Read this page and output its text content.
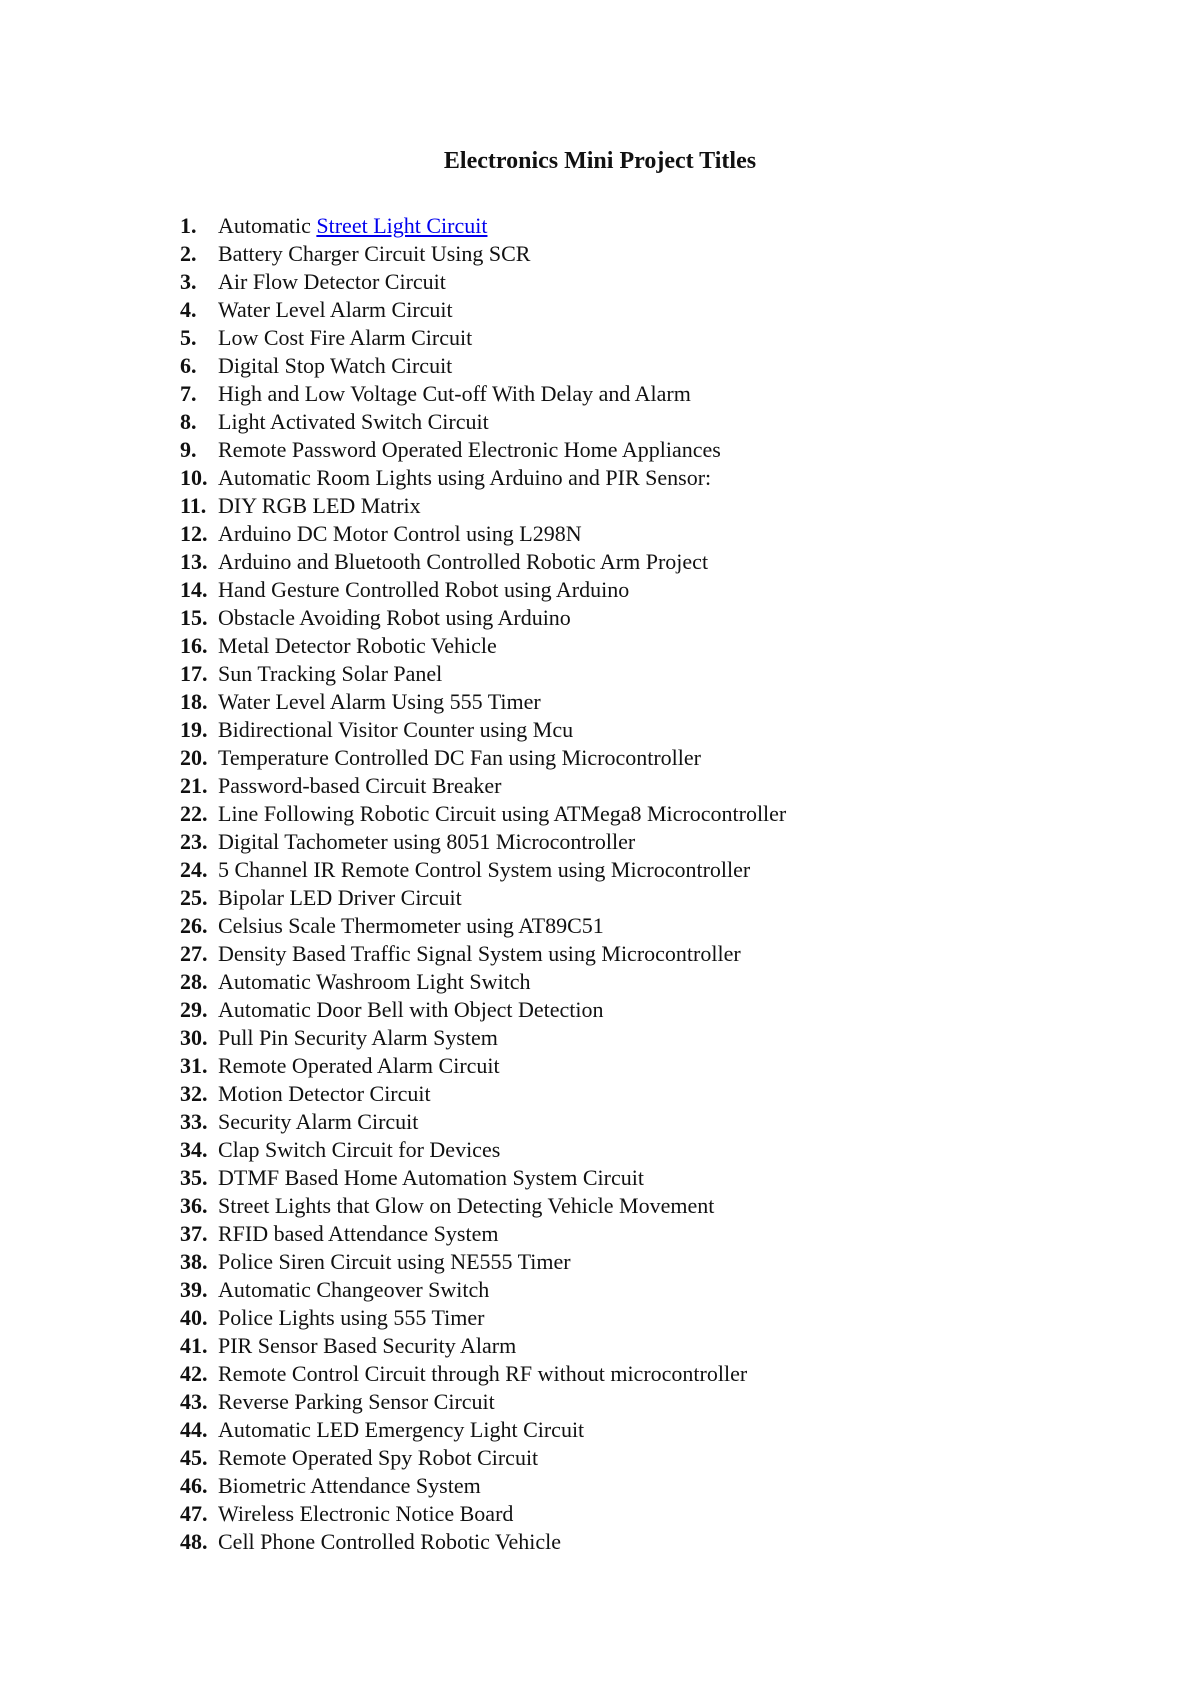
Electronics Mini Project Titles
1. Automatic Street Light Circuit
2. Battery Charger Circuit Using SCR
3. Air Flow Detector Circuit
4. Water Level Alarm Circuit
5. Low Cost Fire Alarm Circuit
6. Digital Stop Watch Circuit
7. High and Low Voltage Cut-off With Delay and Alarm
8. Light Activated Switch Circuit
9. Remote Password Operated Electronic Home Appliances
10. Automatic Room Lights using Arduino and PIR Sensor:
11. DIY RGB LED Matrix
12. Arduino DC Motor Control using L298N
13. Arduino and Bluetooth Controlled Robotic Arm Project
14. Hand Gesture Controlled Robot using Arduino
15. Obstacle Avoiding Robot using Arduino
16. Metal Detector Robotic Vehicle
17. Sun Tracking Solar Panel
18. Water Level Alarm Using 555 Timer
19. Bidirectional Visitor Counter using Mcu
20. Temperature Controlled DC Fan using Microcontroller
21. Password-based Circuit Breaker
22. Line Following Robotic Circuit using ATMega8 Microcontroller
23. Digital Tachometer using 8051 Microcontroller
24. 5 Channel IR Remote Control System using Microcontroller
25. Bipolar LED Driver Circuit
26. Celsius Scale Thermometer using AT89C51
27. Density Based Traffic Signal System using Microcontroller
28. Automatic Washroom Light Switch
29. Automatic Door Bell with Object Detection
30. Pull Pin Security Alarm System
31. Remote Operated Alarm Circuit
32. Motion Detector Circuit
33. Security Alarm Circuit
34. Clap Switch Circuit for Devices
35. DTMF Based Home Automation System Circuit
36. Street Lights that Glow on Detecting Vehicle Movement
37. RFID based Attendance System
38. Police Siren Circuit using NE555 Timer
39. Automatic Changeover Switch
40. Police Lights using 555 Timer
41. PIR Sensor Based Security Alarm
42. Remote Control Circuit through RF without microcontroller
43. Reverse Parking Sensor Circuit
44. Automatic LED Emergency Light Circuit
45. Remote Operated Spy Robot Circuit
46. Biometric Attendance System
47. Wireless Electronic Notice Board
48. Cell Phone Controlled Robotic Vehicle
